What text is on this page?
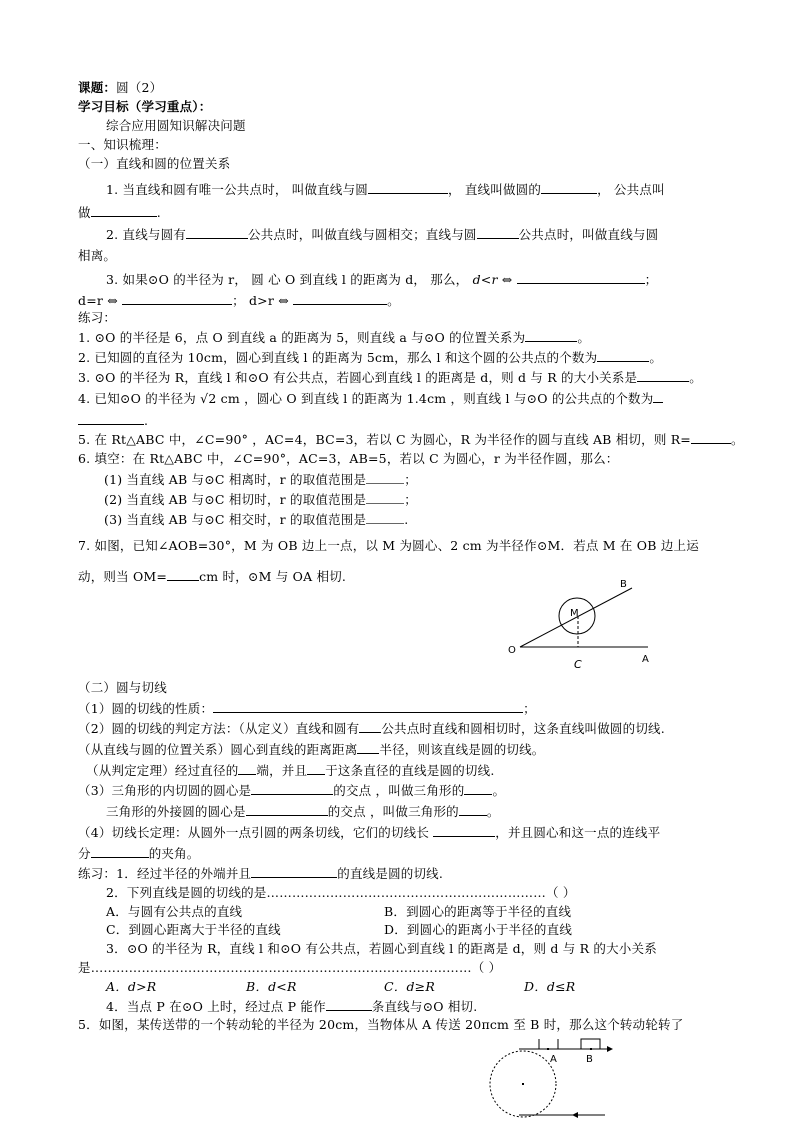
课题：圆（2）
学习目标（学习重点）：
综合应用圆知识解决问题
一、知识梳理：
（一）直线和圆的位置关系
1. 当直线和圆有唯一公共点时， 叫做直线与圆	， 直线叫做圆的	， 公共点叫
做	.
2. 直线与圆有	公共点时，叫做直线与圆相交；直线与圆	公共点时，叫做直线与圆
相离。
3. 如果⊙O 的半径为 r， 圆 心 O 到直线 l 的距离为 d， 那么， d<r ⇔	；
d=r ⇔	； d>r ⇔	。
练习：
1. ⊙O 的半径是 6，点 O 到直线 a 的距离为 5，则直线 a 与⊙O 的位置关系为	。
2. 已知圆的直径为 10cm，圆心到直线 l 的距离为 5cm，那么 l 和这个圆的公共点的个数为	。
3. ⊙O 的半径为 R，直线 l 和⊙O 有公共点，若圆心到直线 l 的距离是 d，则 d 与 R 的大小关系是	。
4. 已知⊙O 的半径为 √2 cm ，圆心 O 到直线 l 的距离为 1.4cm ，则直线 l 与⊙O 的公共点的个数为
.
5. 在 Rt△ABC 中，∠C=90° ，AC=4，BC=3，若以 C 为圆心，R 为半径作的圆与直线 AB 相切，则 R=	。
6. 填空：在 Rt△ABC 中，∠C=90°，AC=3，AB=5，若以 C 为圆心，r 为半径作圆，那么：
(1) 当直线 AB 与⊙C 相离时，r 的取值范围是	；
(2) 当直线 AB 与⊙C 相切时，r 的取值范围是	；
(3) 当直线 AB 与⊙C 相交时，r 的取值范围是	.
7. 如图，已知∠AOB=30°，M 为 OB 边上一点，以 M 为圆心、2 cm 为半径作⊙M．若点 M 在 OB 边上运
动，则当 OM=	cm 时，⊙M 与 OA 相切.
O
A
B
M
C
（二）圆与切线
（1）圆的切线的性质：	；
（2）圆的切线的判定方法：（从定义）直线和圆有 公共点时直线和圆相切时，这条直线叫做圆的切线.
（从直线与圆的位置关系）圆心到直线的距离距离 半径，则该直线是圆的切线。
（从判定定理）经过直径的 端，并且 于这条直径的直线是圆的切线.
（3）三角形的内切圆的圆心是	的交点 ，叫做三角形的 。
三角形的外接圆的圆心是	的交点 ，叫做三角形的 。
（4）切线长定理：从圆外一点引圆的两条切线，它们的切线长	，并且圆心和这一点的连线平
分	的夹角。
练习：1．经过半径的外端并且	的直线是圆的切线.
2．下列直线是圆的切线的是…………………………………………………………（ ）
A．与圆有公共点的直线	B．到圆心的距离等于半径的直线
C．到圆心距离大于半径的直线	D．到圆心的距离小于半径的直线
3．⊙O 的半径为 R，直线 l 和⊙O 有公共点，若圆心到直线 l 的距离是 d，则 d 与 R 的大小关系
是………………………………………………………………………………（ ）
A．d>R	B．d<R	C．d≥R	D．d≤R
4．当点 P 在⊙O 上时，经过点 P 能作	条直线与⊙O 相切.
5．如图，某传送带的一个转动轮的半径为 20cm，当物体从 A 传送 20πcm 至 B 时，那么这个转动轮转了
A	B
